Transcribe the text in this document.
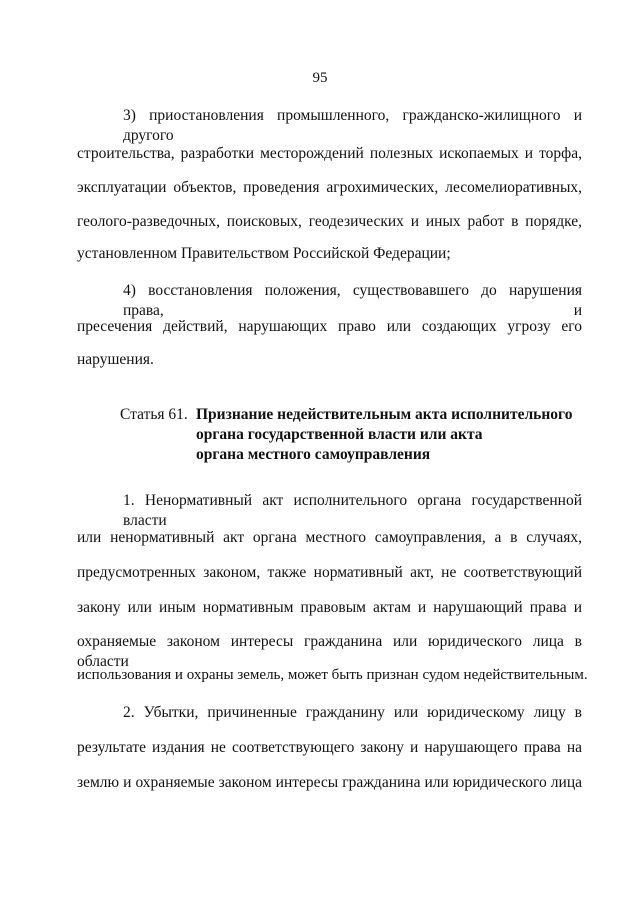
95
3) приостановления промышленного, гражданско-жилищного и другого
строительства, разработки месторождений полезных ископаемых и торфа,
эксплуатации объектов, проведения агрохимических, лесомелиоративных,
геолого-разведочных, поисковых, геодезических и иных работ в порядке,
установленном Правительством Российской Федерации;
4) восстановления положения, существовавшего до нарушения права, и
пресечения действий, нарушающих право или создающих угрозу его
нарушения.
Статья 61. Признание недействительным акта исполнительного
органа государственной власти или акта
органа местного самоуправления
1. Ненормативный акт исполнительного органа государственной власти
или ненормативный акт органа местного самоуправления, а в случаях,
предусмотренных законом, также нормативный акт, не соответствующий
закону или иным нормативным правовым актам и нарушающий права и
охраняемые законом интересы гражданина или юридического лица в области
использования и охраны земель, может быть признан судом недействительным.
2. Убытки, причиненные гражданину или юридическому лицу в
результате издания не соответствующего закону и нарушающего права на
землю и охраняемые законом интересы гражданина или юридического лица
